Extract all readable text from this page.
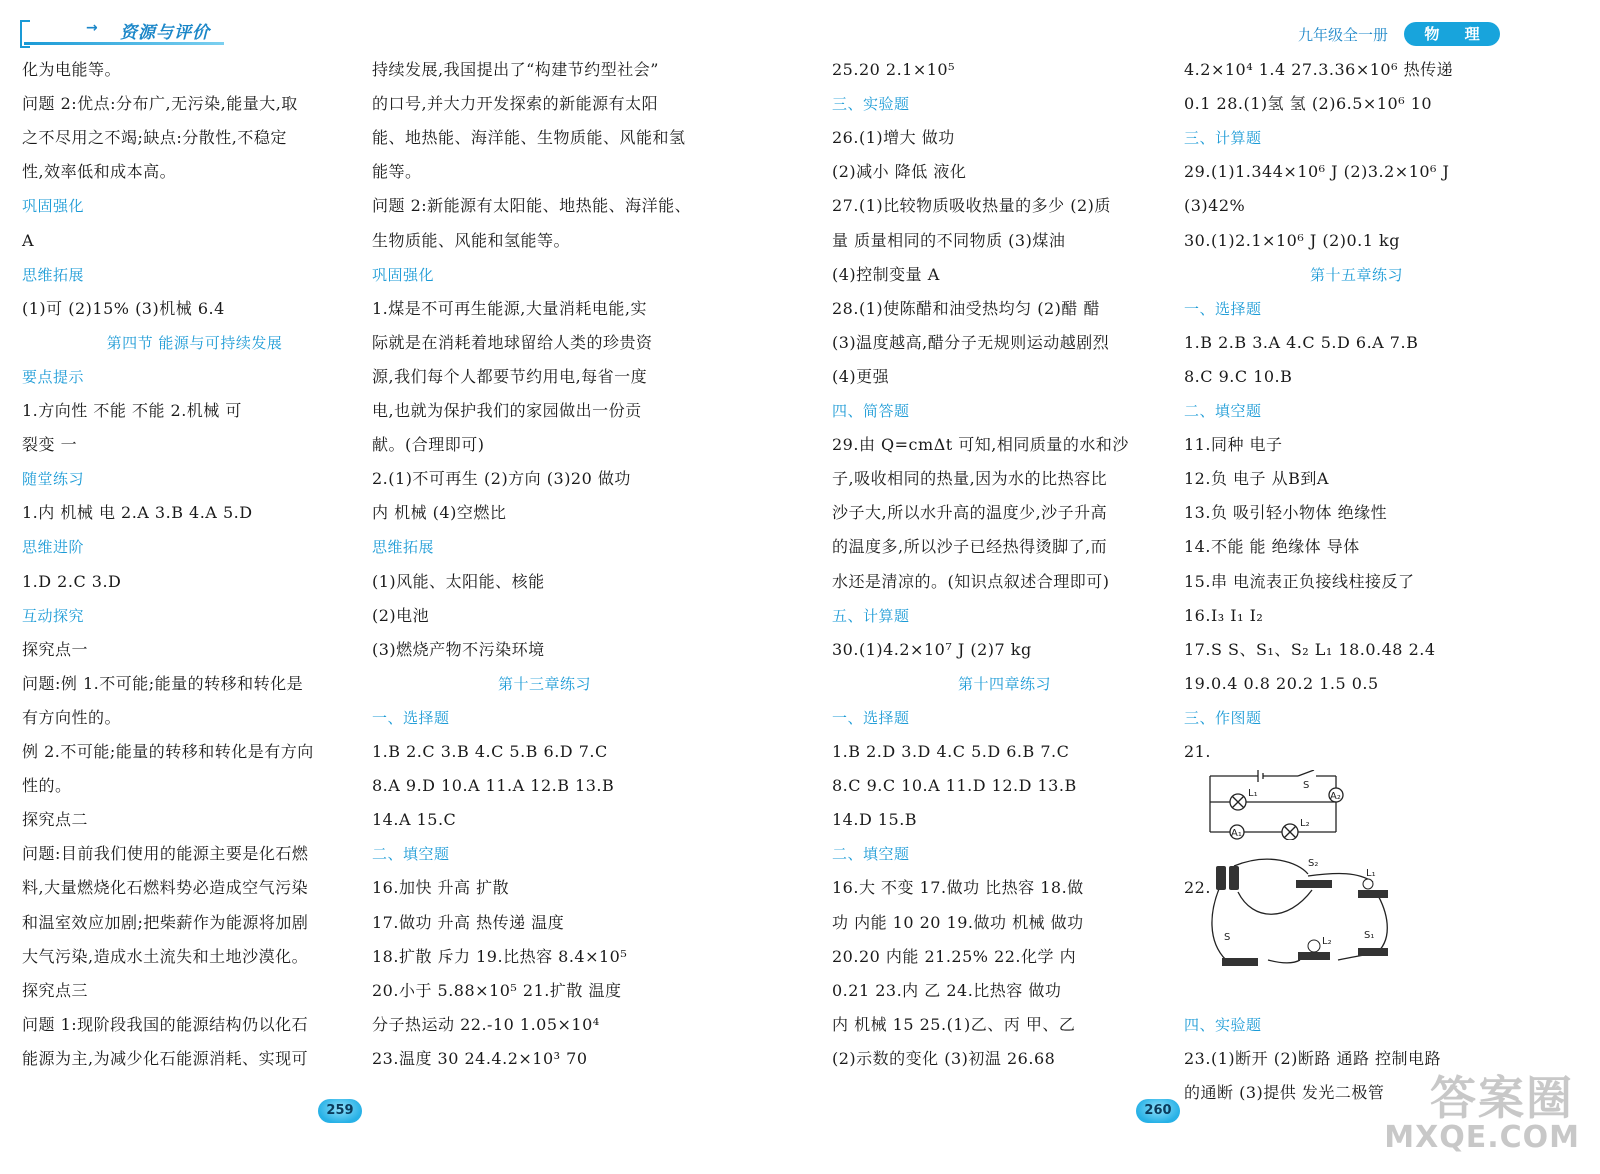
→ 资源与评价
化为电能等。
问题 2:优点:分布广,无污染,能量大,取
之不尽用之不竭;缺点:分散性,不稳定
性,效率低和成本高。
巩固强化
A
思维拓展
(1)可 (2)15% (3)机械 6.4
第四节 能源与可持续发展
要点提示
1.方向性 不能 不能 2.机械 可
裂变 一
随堂练习
1.内 机械 电 2.A 3.B 4.A 5.D
思维进阶
1.D 2.C 3.D
互动探究
探究点一
问题:例 1.不可能;能量的转移和转化是
有方向性的。
例 2.不可能;能量的转移和转化是有方向
性的。
探究点二
问题:目前我们使用的能源主要是化石燃
料,大量燃烧化石燃料势必造成空气污染
和温室效应加剧;把柴薪作为能源将加剧
大气污染,造成水土流失和土地沙漠化。
探究点三
问题 1:现阶段我国的能源结构仍以化石
能源为主,为减少化石能源消耗、实现可
持续发展,我国提出了“构建节约型社会”
的口号,并大力开发探索的新能源有太阳
能、地热能、海洋能、生物质能、风能和氢
能等。
问题 2:新能源有太阳能、地热能、海洋能、
生物质能、风能和氢能等。
巩固强化
1.煤是不可再生能源,大量消耗电能,实
际就是在消耗着地球留给人类的珍贵资
源,我们每个人都要节约用电,每省一度
电,也就为保护我们的家园做出一份贡
献。(合理即可)
2.(1)不可再生 (2)方向 (3)20 做功
内 机械 (4)空燃比
思维拓展
(1)风能、太阳能、核能
(2)电池
(3)燃烧产物不污染环境
第十三章练习
一、选择题
1.B 2.C 3.B 4.C 5.B 6.D 7.C
8.A 9.D 10.A 11.A 12.B 13.B
14.A 15.C
二、填空题
16.加快 升高 扩散
17.做功 升高 热传递 温度
18.扩散 斥力 19.比热容 8.4×10⁵
20.小于 5.88×10⁵ 21.扩散 温度
分子热运动 22.-10 1.05×10⁴
23.温度 30 24.4.2×10³ 70
259
九年级全一册	物 理
25.20 2.1×10⁵
三、实验题
26.(1)增大 做功
(2)减小 降低 液化
27.(1)比较物质吸收热量的多少 (2)质
量 质量相同的不同物质 (3)煤油
(4)控制变量 A
28.(1)使陈醋和油受热均匀 (2)醋 醋
(3)温度越高,醋分子无规则运动越剧烈
(4)更强
四、简答题
29.由 Q=cmΔt 可知,相同质量的水和沙
子,吸收相同的热量,因为水的比热容比
沙子大,所以水升高的温度少,沙子升高
的温度多,所以沙子已经热得烫脚了,而
水还是清凉的。(知识点叙述合理即可)
五、计算题
30.(1)4.2×10⁷ J (2)7 kg
第十四章练习
一、选择题
1.B 2.D 3.D 4.C 5.D 6.B 7.C
8.C 9.C 10.A 11.D 12.D 13.B
14.D 15.B
二、填空题
16.大 不变 17.做功 比热容 18.做
功 内能 10 20 19.做功 机械 做功
20.20 内能 21.25% 22.化学 内
0.21 23.内 乙 24.比热容 做功
内 机械 15 25.(1)乙、丙 甲、乙
(2)示数的变化 (3)初温 26.68
4.2×10⁴ 1.4 27.3.36×10⁶ 热传递
0.1 28.(1)氢 氢 (2)6.5×10⁶ 10
三、计算题
29.(1)1.344×10⁶ J (2)3.2×10⁶ J
(3)42%
30.(1)2.1×10⁶ J (2)0.1 kg
第十五章练习
一、选择题
1.B 2.B 3.A 4.C 5.D 6.A 7.B
8.C 9.C 10.B
二、填空题
11.同种 电子
12.负 电子 从B到A
13.负 吸引轻小物体 绝缘性
14.不能 能 绝缘体 导体
15.串 电流表正负接线柱接反了
16.I₃ I₁ I₂
17.S S、S₁、S₂ L₁ 18.0.48 2.4
19.0.4 0.8 20.2 1.5 0.5
三、作图题
21.
22.
四、实验题
23.(1)断开 (2)断路 通路 控制电路
的通断 (3)提供 发光二极管
S
A₂
L₁
L₂
A₁
S₂
L₁
S₁
L₂
S
260	答案圈
MXQE.COM
